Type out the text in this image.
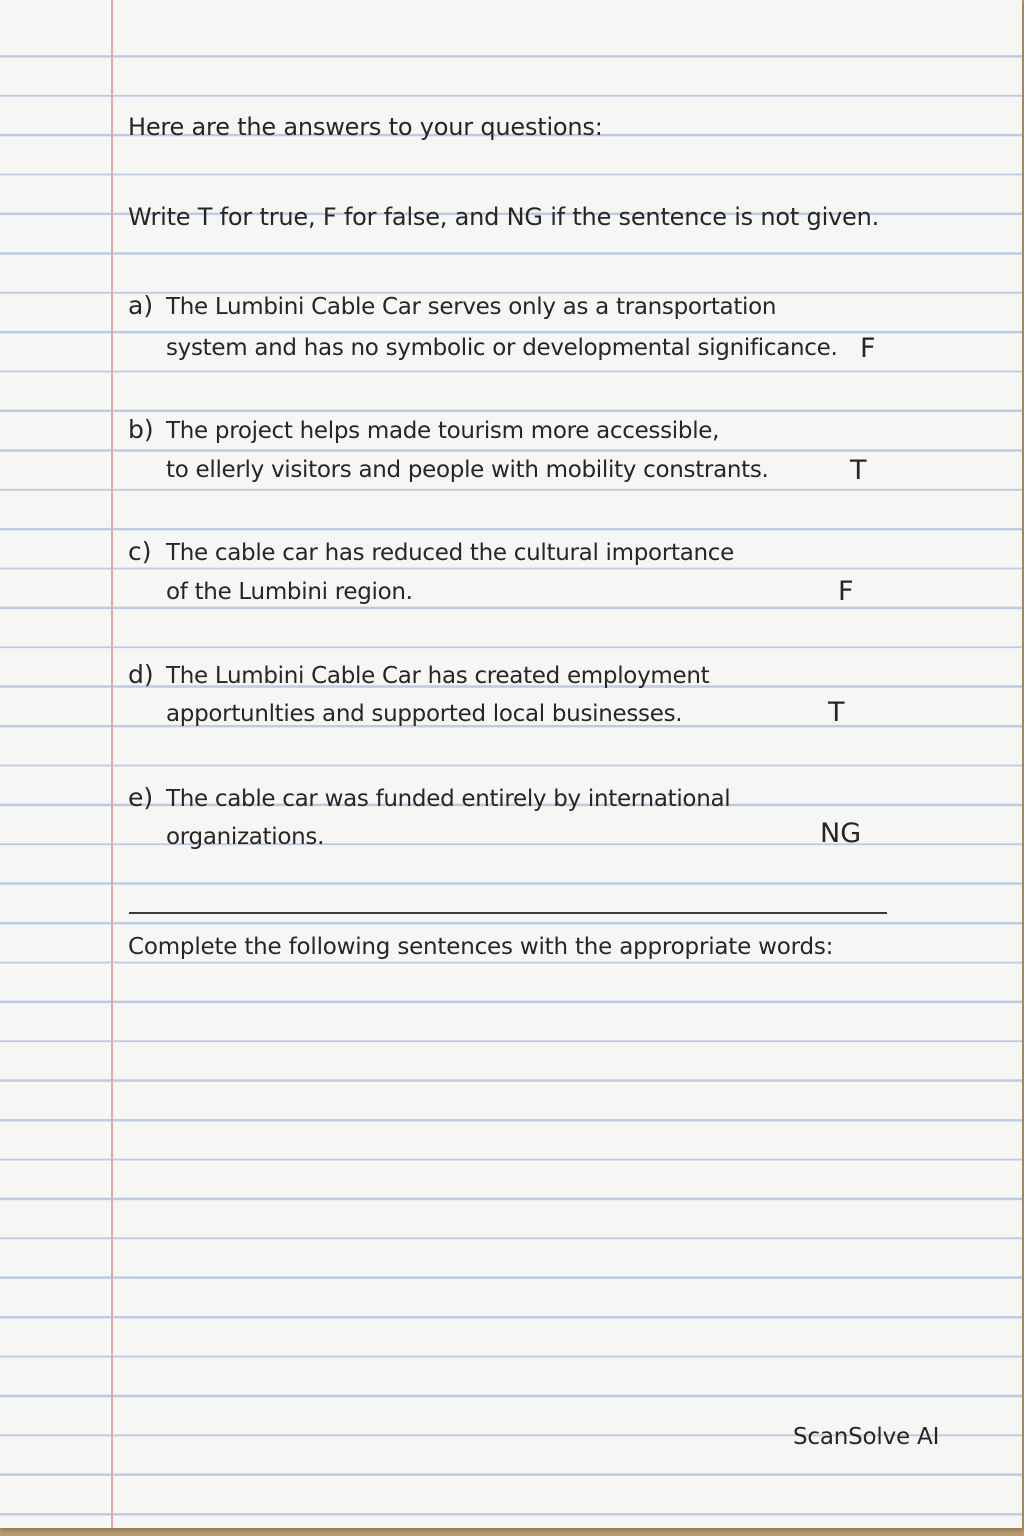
Here are the answers to your questions:
Write T for true, F for false, and NG if the sentence is not given.
a) The Lumbini Cable Car serves only as a transportation
system and has no symbolic or developmental significance. F
b) The project helps made tourism more accessible,
to ellerly visitors and people with mobility constrants.	T
c) The cable car has reduced the cultural importance
of the Lumbini region.	F
d) The Lumbini Cable Car has created employment
apportunlties and supported local businesses.	T
e) The cable car was funded entirely by international
organizations.	NG
Complete the following sentences with the appropriate words:
ScanSolve AI
